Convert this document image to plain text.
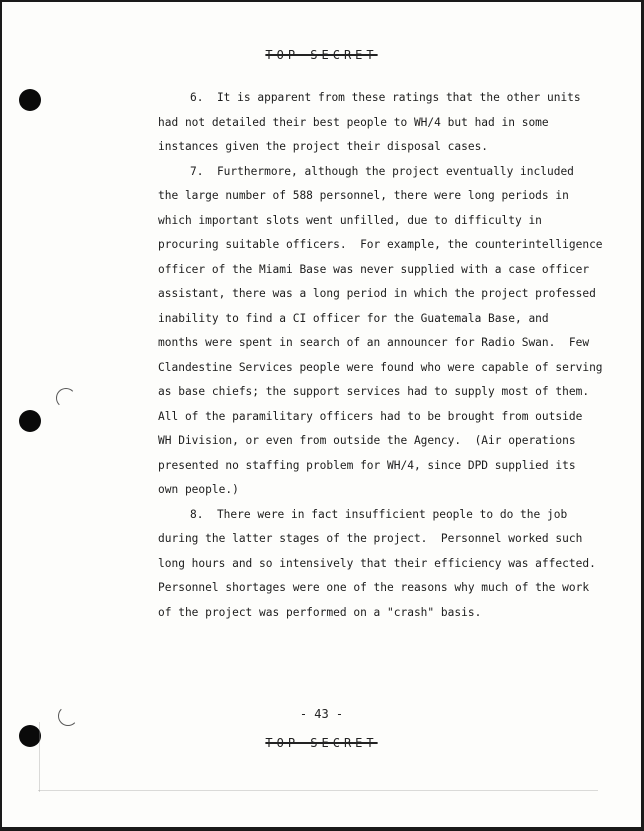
TOP SECRET
6.  It is apparent from these ratings that the other units
had not detailed their best people to WH/4 but had in some
instances given the project their disposal cases.
7.  Furthermore, although the project eventually included
the large number of 588 personnel, there were long periods in
which important slots went unfilled, due to difficulty in
procuring suitable officers.  For example, the counterintelligence
officer of the Miami Base was never supplied with a case officer
assistant, there was a long period in which the project professed
inability to find a CI officer for the Guatemala Base, and
months were spent in search of an announcer for Radio Swan.  Few
Clandestine Services people were found who were capable of serving
as base chiefs; the support services had to supply most of them.
All of the paramilitary officers had to be brought from outside
WH Division, or even from outside the Agency.  (Air operations
presented no staffing problem for WH/4, since DPD supplied its
own people.)
8.  There were in fact insufficient people to do the job
during the latter stages of the project.  Personnel worked such
long hours and so intensively that their efficiency was affected.
Personnel shortages were one of the reasons why much of the work
of the project was performed on a "crash" basis.
- 43 -
TOP SECRET
